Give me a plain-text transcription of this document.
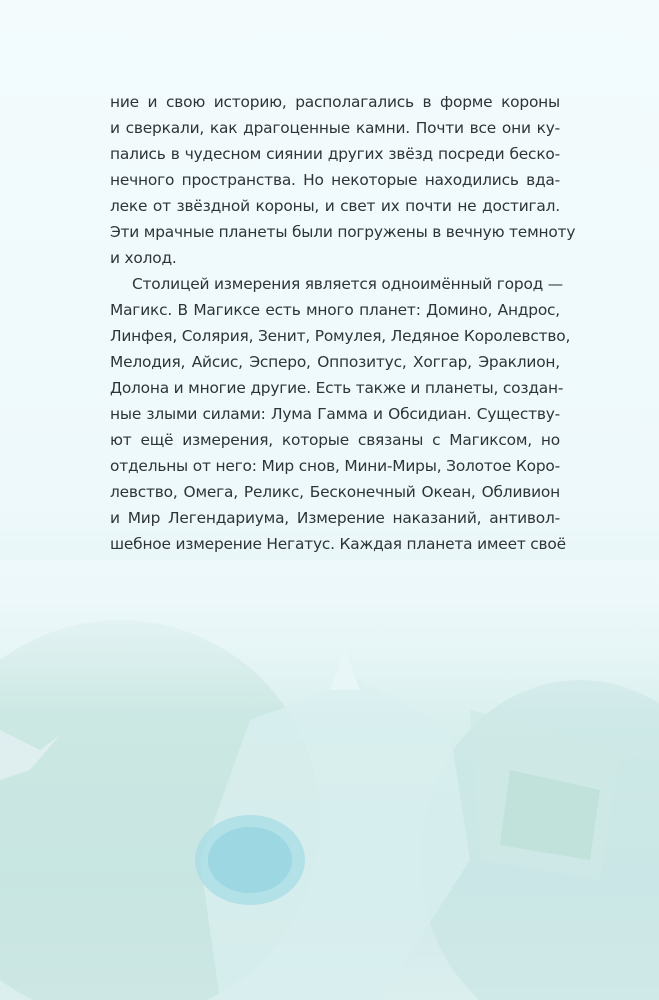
ние и свою историю, располагались в форме короны
и сверкали, как драгоценные камни. Почти все они ку-
пались в чудесном сиянии других звёзд посреди беско-
нечного пространства. Но некоторые находились вда-
леке от звёздной короны, и свет их почти не достигал.
Эти мрачные планеты были погружены в вечную темноту
и холод.
Столицей измерения является одноимённый город —
Магикс. В Магиксе есть много планет: Домино, Андрос,
Линфея, Солярия, Зенит, Ромулея, Ледяное Королевство,
Мелодия, Айсис, Эсперо, Оппозитус, Хоггар, Эраклион,
Долона и многие другие. Есть также и планеты, создан-
ные злыми силами: Лума Гамма и Обсидиан. Существу-
ют ещё измерения, которые связаны с Магиксом, но
отдельны от него: Мир снов, Мини-Миры, Золотое Коро-
левство, Омега, Реликс, Бесконечный Океан, Обливион
и Мир Легендариума, Измерение наказаний, антивол-
шебное измерение Негатус. Каждая планета имеет своё
